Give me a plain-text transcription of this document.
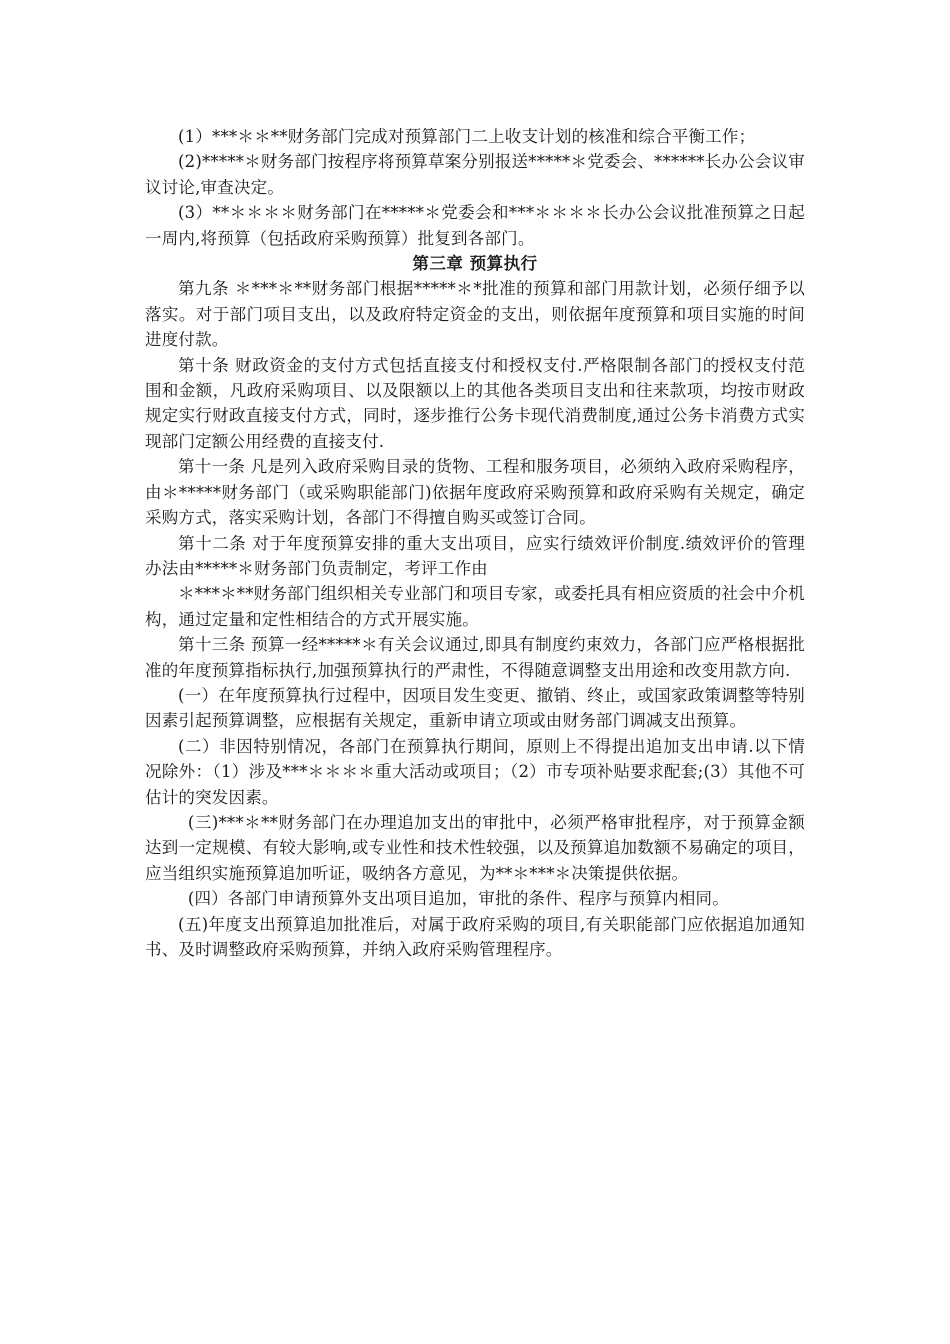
(1）***＊＊**财务部门完成对预算部门二上收支计划的核准和综合平衡工作；

(2)*****＊财务部门按程序将预算草案分别报送*****＊党委会、******长办公会议审议讨论,审查决定。

(3）**＊＊＊＊财务部门在*****＊党委会和***＊＊＊＊长办公会议批准预算之日起一周内,将预算（包括政府采购预算）批复到各部门。

第三章 预算执行

第九条 ＊***＊**财务部门根据*****＊*批准的预算和部门用款计划，必须仔细予以落实。对于部门项目支出，以及政府特定资金的支出，则依据年度预算和项目实施的时间进度付款。

第十条 财政资金的支付方式包括直接支付和授权支付.严格限制各部门的授权支付范围和金额，凡政府采购项目、以及限额以上的其他各类项目支出和往来款项，均按市财政规定实行财政直接支付方式，同时，逐步推行公务卡现代消费制度,通过公务卡消费方式实现部门定额公用经费的直接支付.

第十一条 凡是列入政府采购目录的货物、工程和服务项目，必须纳入政府采购程序，由＊*****财务部门（或采购职能部门)依据年度政府采购预算和政府采购有关规定，确定采购方式，落实采购计划，各部门不得擅自购买或签订合同。

第十二条 对于年度预算安排的重大支出项目，应实行绩效评价制度.绩效评价的管理办法由*****＊财务部门负责制定，考评工作由

＊***＊**财务部门组织相关专业部门和项目专家，或委托具有相应资质的社会中介机构，通过定量和定性相结合的方式开展实施。

第十三条 预算一经*****＊有关会议通过,即具有制度约束效力，各部门应严格根据批准的年度预算指标执行,加强预算执行的严肃性，不得随意调整支出用途和改变用款方向.

(一）在年度预算执行过程中，因项目发生变更、撤销、终止，或国家政策调整等特别因素引起预算调整，应根据有关规定，重新申请立项或由财务部门调减支出预算。

(二）非因特别情况，各部门在预算执行期间，原则上不得提出追加支出申请.以下情况除外：（1）涉及***＊＊＊＊重大活动或项目；（2）市专项补贴要求配套;(3）其他不可估计的突发因素。

(三)***＊**财务部门在办理追加支出的审批中，必须严格审批程序，对于预算金额达到一定规模、有较大影响,或专业性和技术性较强，以及预算追加数额不易确定的项目，应当组织实施预算追加听证，吸纳各方意见，为**＊***＊决策提供依据。

(四）各部门申请预算外支出项目追加，审批的条件、程序与预算内相同。

(五)年度支出预算追加批准后，对属于政府采购的项目,有关职能部门应依据追加通知书、及时调整政府采购预算，并纳入政府采购管理程序。
